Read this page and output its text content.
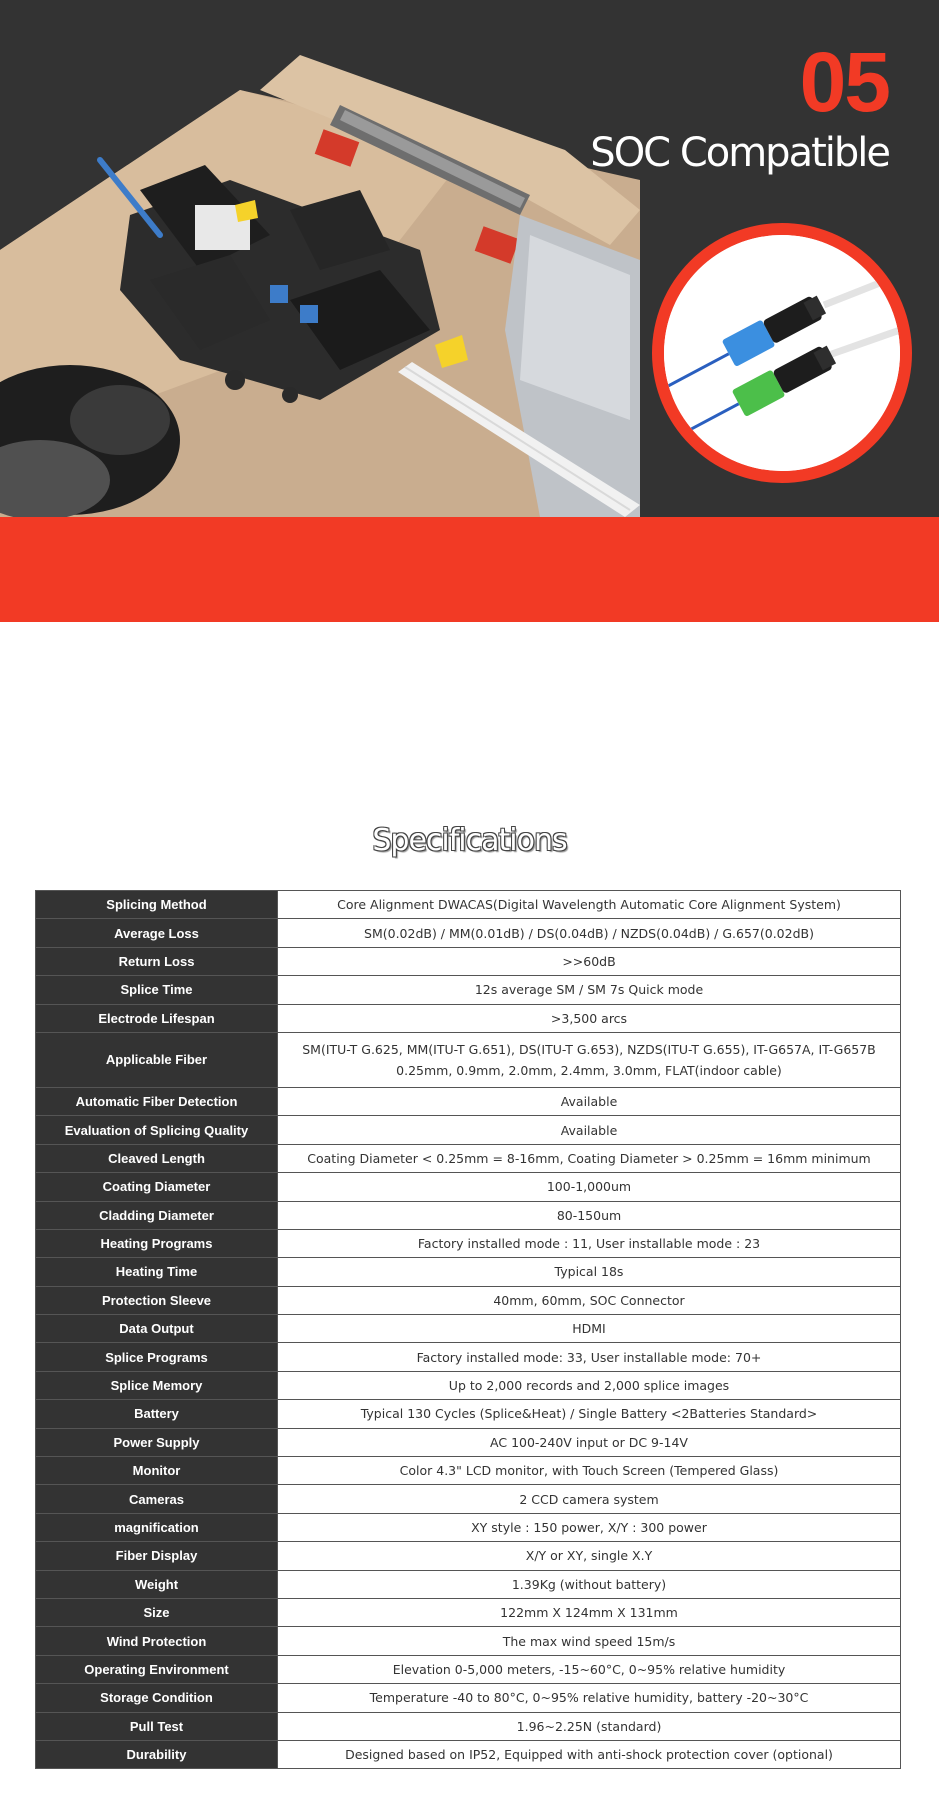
05
SOC Compatible
Specifications
Splicing Method	Core Alignment DWACAS(Digital Wavelength Automatic Core Alignment System)
Average Loss	SM(0.02dB) / MM(0.01dB) / DS(0.04dB) / NZDS(0.04dB) / G.657(0.02dB)
Return Loss	>>60dB
Splice Time	12s average SM / SM 7s Quick mode
Electrode Lifespan	>3,500 arcs
Applicable Fiber	SM(ITU-T G.625, MM(ITU-T G.651), DS(ITU-T G.653), NZDS(ITU-T G.655), IT-G657A, IT-G657B
0.25mm, 0.9mm, 2.0mm, 2.4mm, 3.0mm, FLAT(indoor cable)

Automatic Fiber Detection	Available
Evaluation of Splicing Quality	Available
Cleaved Length	Coating Diameter < 0.25mm = 8-16mm, Coating Diameter > 0.25mm = 16mm minimum
Coating Diameter	100-1,000um
Cladding Diameter	80-150um
Heating Programs	Factory installed mode : 11, User installable mode : 23
Heating Time	Typical 18s
Protection Sleeve	40mm, 60mm, SOC Connector
Data Output	HDMI
Splice Programs	Factory installed mode: 33, User installable mode: 70+
Splice Memory	Up to 2,000 records and 2,000 splice images
Battery	Typical 130 Cycles (Splice&Heat) / Single Battery <2Batteries Standard>
Power Supply	AC 100-240V input or DC 9-14V
Monitor	Color 4.3" LCD monitor, with Touch Screen (Tempered Glass)
Cameras	2 CCD camera system
magnification	XY style : 150 power, X/Y : 300 power
Fiber Display	X/Y or XY, single X.Y
Weight	1.39Kg (without battery)
Size	122mm X 124mm X 131mm
Wind Protection	The max wind speed 15m/s
Operating Environment	Elevation 0-5,000 meters, -15~60°C, 0~95% relative humidity
Storage Condition	Temperature -40 to 80°C, 0~95% relative humidity, battery -20~30°C
Pull Test	1.96~2.25N (standard)
Durability	Designed based on IP52, Equipped with anti-shock protection cover (optional)
